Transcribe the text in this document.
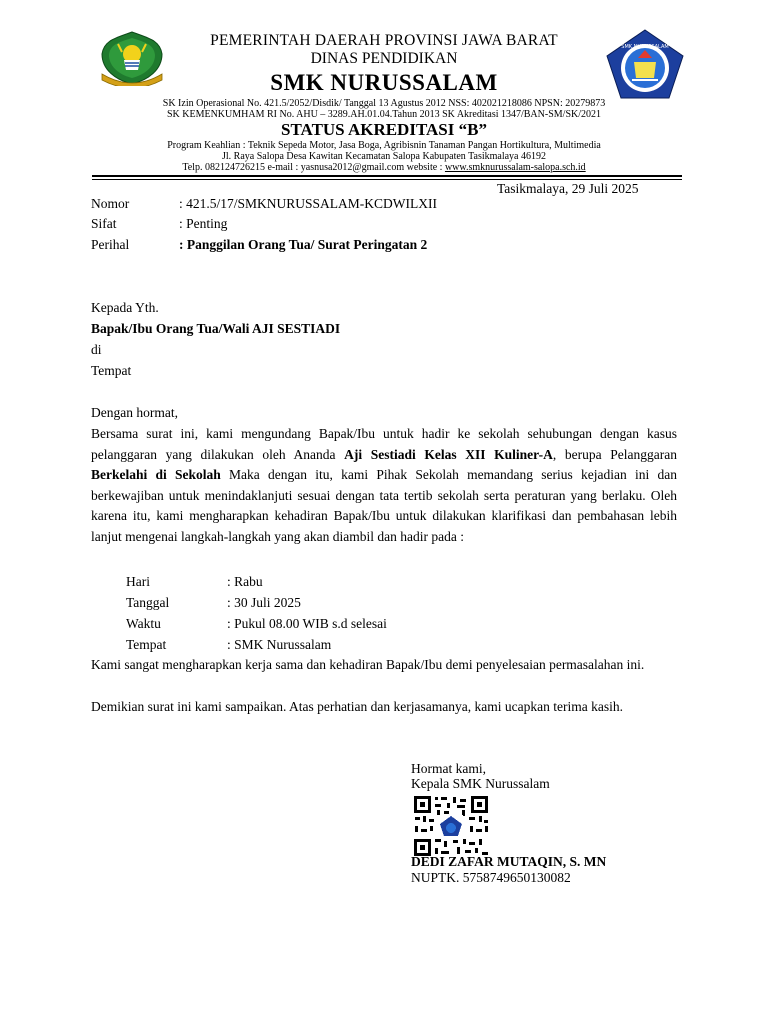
SMK NURUSSALAM
PEMERINTAH DAERAH PROVINSI JAWA BARAT
DINAS PENDIDIKAN
SMK NURUSSALAM
SK Izin Operasional No. 421.5/2052/Disdik/ Tanggal 13 Agustus 2012 NSS: 402021218086 NPSN: 20279873
SK KEMENKUMHAM RI No. AHU – 3289.AH.01.04.Tahun 2013 SK Akreditasi 1347/BAN-SM/SK/2021
STATUS AKREDITASI “B”
Program Keahlian : Teknik Sepeda Motor, Jasa Boga, Agribisnin Tanaman Pangan Hortikultura, Multimedia
Jl. Raya Salopa Desa Kawitan Kecamatan Salopa Kabupaten Tasikmalaya 46192
Telp. 082124726215 e-mail : yasnusa2012@gmail.com website : www.smknurussalam-salopa.sch.id
Tasikmalaya, 29 Juli 2025
Nomor	: 421.5/17/SMKNURUSSALAM-KCDWILXII
Sifat	: Penting
Perihal	: Panggilan Orang Tua/ Surat Peringatan 2
Kepada Yth.
Bapak/Ibu Orang Tua/Wali AJI SESTIADI
di
Tempat
Dengan hormat,
Bersama surat ini, kami mengundang Bapak/Ibu untuk hadir ke sekolah sehubungan dengan kasus pelanggaran yang dilakukan oleh Ananda Aji Sestiadi Kelas XII Kuliner-A, berupa Pelanggaran Berkelahi di Sekolah Maka dengan itu, kami Pihak Sekolah memandang serius kejadian ini dan berkewajiban untuk menindaklanjuti sesuai dengan tata tertib sekolah serta peraturan yang berlaku. Oleh karena itu, kami mengharapkan kehadiran Bapak/Ibu untuk dilakukan klarifikasi dan pembahasan lebih lanjut mengenai langkah-langkah yang akan diambil dan hadir pada :
Hari	: Rabu
Tanggal	: 30 Juli 2025
Waktu	: Pukul 08.00 WIB s.d selesai
Tempat	: SMK Nurussalam
Kami sangat mengharapkan kerja sama dan kehadiran Bapak/Ibu demi penyelesaian permasalahan ini.
Demikian surat ini kami sampaikan. Atas perhatian dan kerjasamanya, kami ucapkan terima kasih.
Hormat kami,
Kepala SMK Nurussalam
DEDI ZAFAR MUTAQIN, S. MN
NUPTK. 5758749650130082
